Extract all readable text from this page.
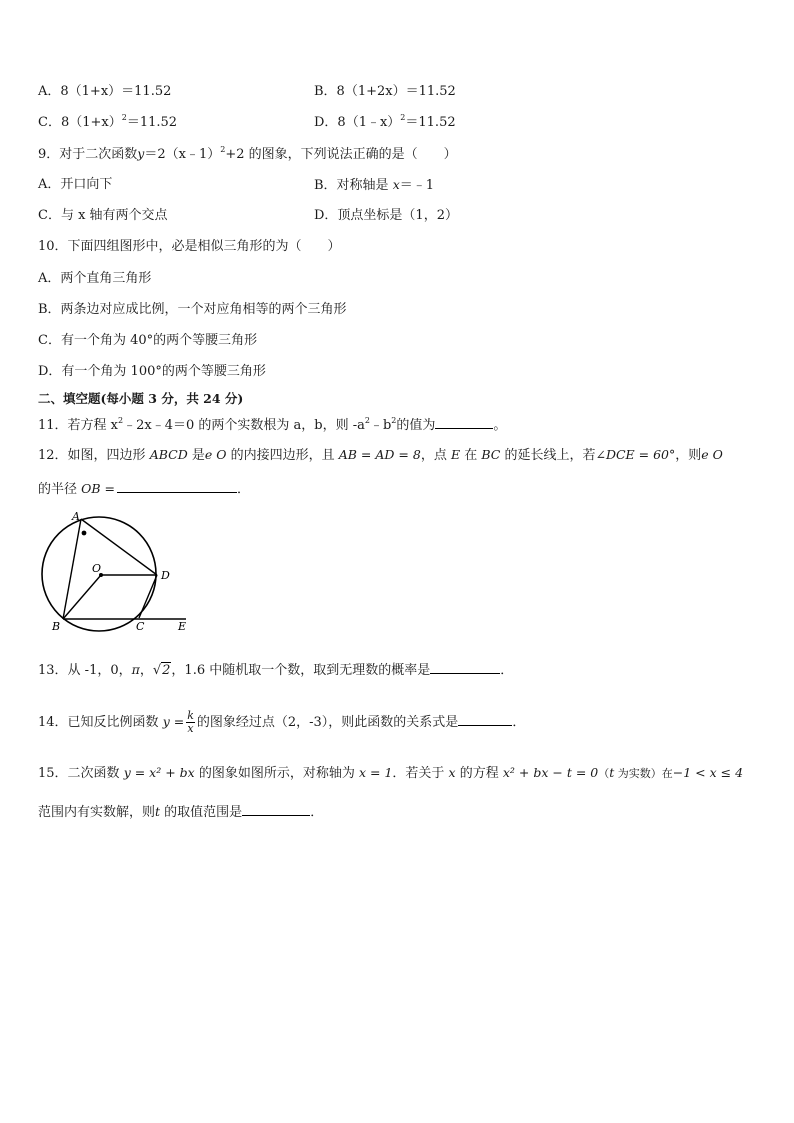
A．8（1+x）＝11.52	B．8（1+2x）＝11.52
C．$8(1+x)^2=11.52$	D．8（1﹣x）$^2$＝11.52
9．对于二次函数y＝2（x﹣1）$^2$+2 的图象，下列说法正确的是（　　）
A．开口向下	B．对称轴是 x＝﹣1
C．与 x 轴有两个交点	D．顶点坐标是（1，2）
10．下面四组图形中，必是相似三角形的为（　　）
A．两个直角三角形
B．两条边对应成比例，一个对应角相等的两个三角形
C．有一个角为 40°的两个等腰三角形
D．有一个角为 100°的两个等腰三角形
二、填空题(每小题 3 分，共 24 分)
11．若方程 $x^2﹣2x﹣4=0$ 的两个实数根为 a，b，则 $-a^2﹣b^2$的值为	。
12．如图，四边形 ABCD 是e O 的内接四边形，且 AB = AD = 8，点 E 在 BC 的延长线上，若∠DCE = 60°，则e O
的半径 OB =	．
A
O
D
B	C	E
13．从 -1，0，π，√2，1.6 中随机取一个数，取到无理数的概率是	．
14．已知反比例函数 $y = \frac{k}{x}$ 的图象经过点（2，-3），则此函数的关系式是	．
15．二次函数 y = x² + bx 的图象如图所示，对称轴为 x = 1．若关于 x 的方程 x² + bx − t = 0（t 为实数）在−1 < x ≤ 4
范围内有实数解，则t 的取值范围是	．
